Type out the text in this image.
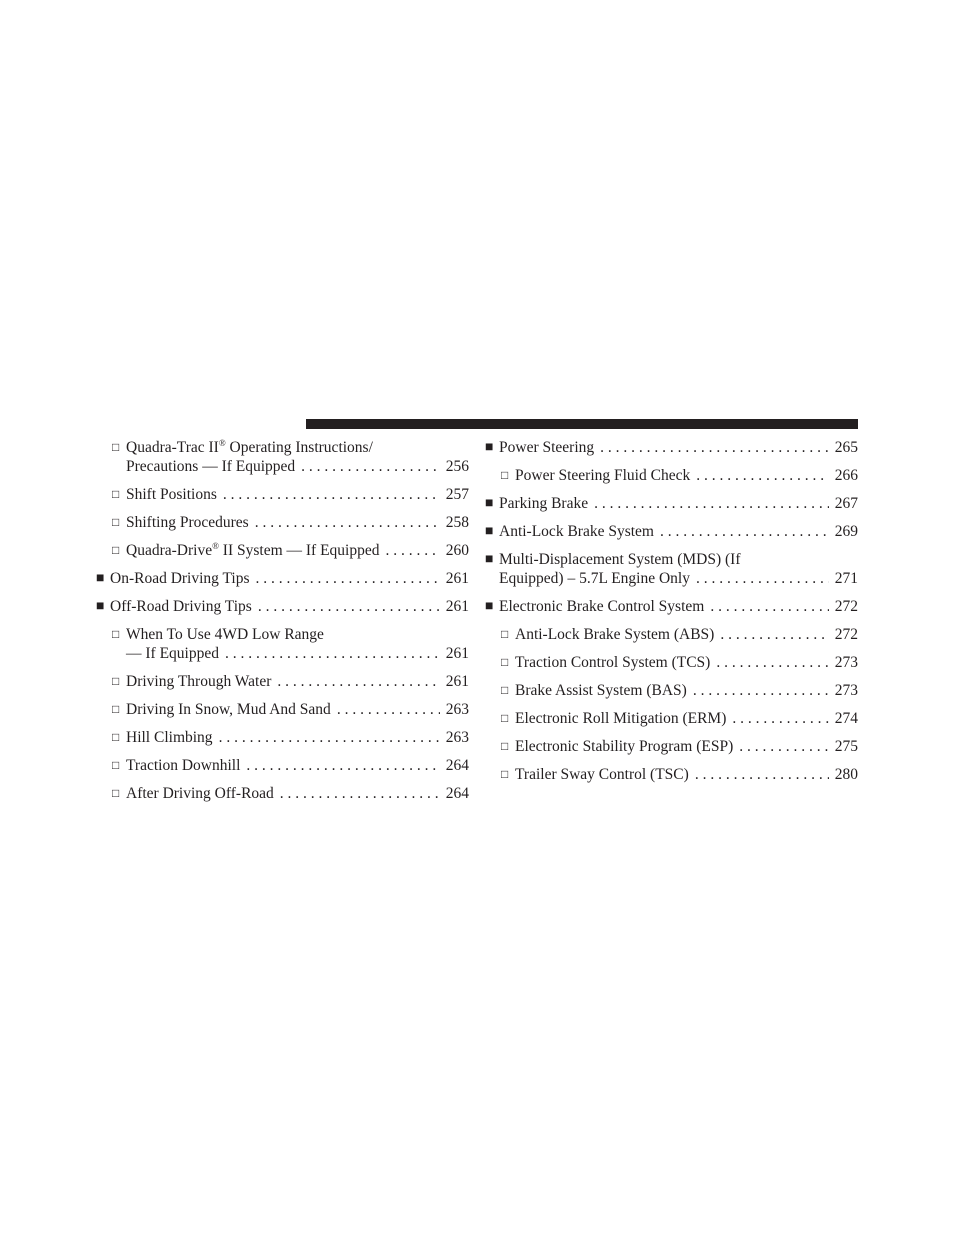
□
Quadra-Trac II® Operating Instructions/
Precautions — If Equipped . . .	256
□
Shift Positions . . .	257
□
Shifting Procedures . . .	258
□
Quadra-Drive® II System — If Equipped . . .	260
■
On-Road Driving Tips . . .	261
■
Off-Road Driving Tips . . .	261
□
When To Use 4WD Low Range
— If Equipped . . .	261
□
Driving Through Water . . .	261
□
Driving In Snow, Mud And Sand . . .	263
□
Hill Climbing . . .	263
□
Traction Downhill . . .	264
□
After Driving Off-Road . . .	264
■
Power Steering . . .	265
□
Power Steering Fluid Check . . .	266
■
Parking Brake . . .	267
■
Anti-Lock Brake System . . .	269
■
Multi-Displacement System (MDS) (If
Equipped) – 5.7L Engine Only . . .	271
■
Electronic Brake Control System . . .	272
□
Anti-Lock Brake System (ABS) . . .	272
□
Traction Control System (TCS) . . .	273
□
Brake Assist System (BAS) . . .	273
□
Electronic Roll Mitigation (ERM) . . .	274
□
Electronic Stability Program (ESP) . . .	275
□
Trailer Sway Control (TSC) . . .	280
